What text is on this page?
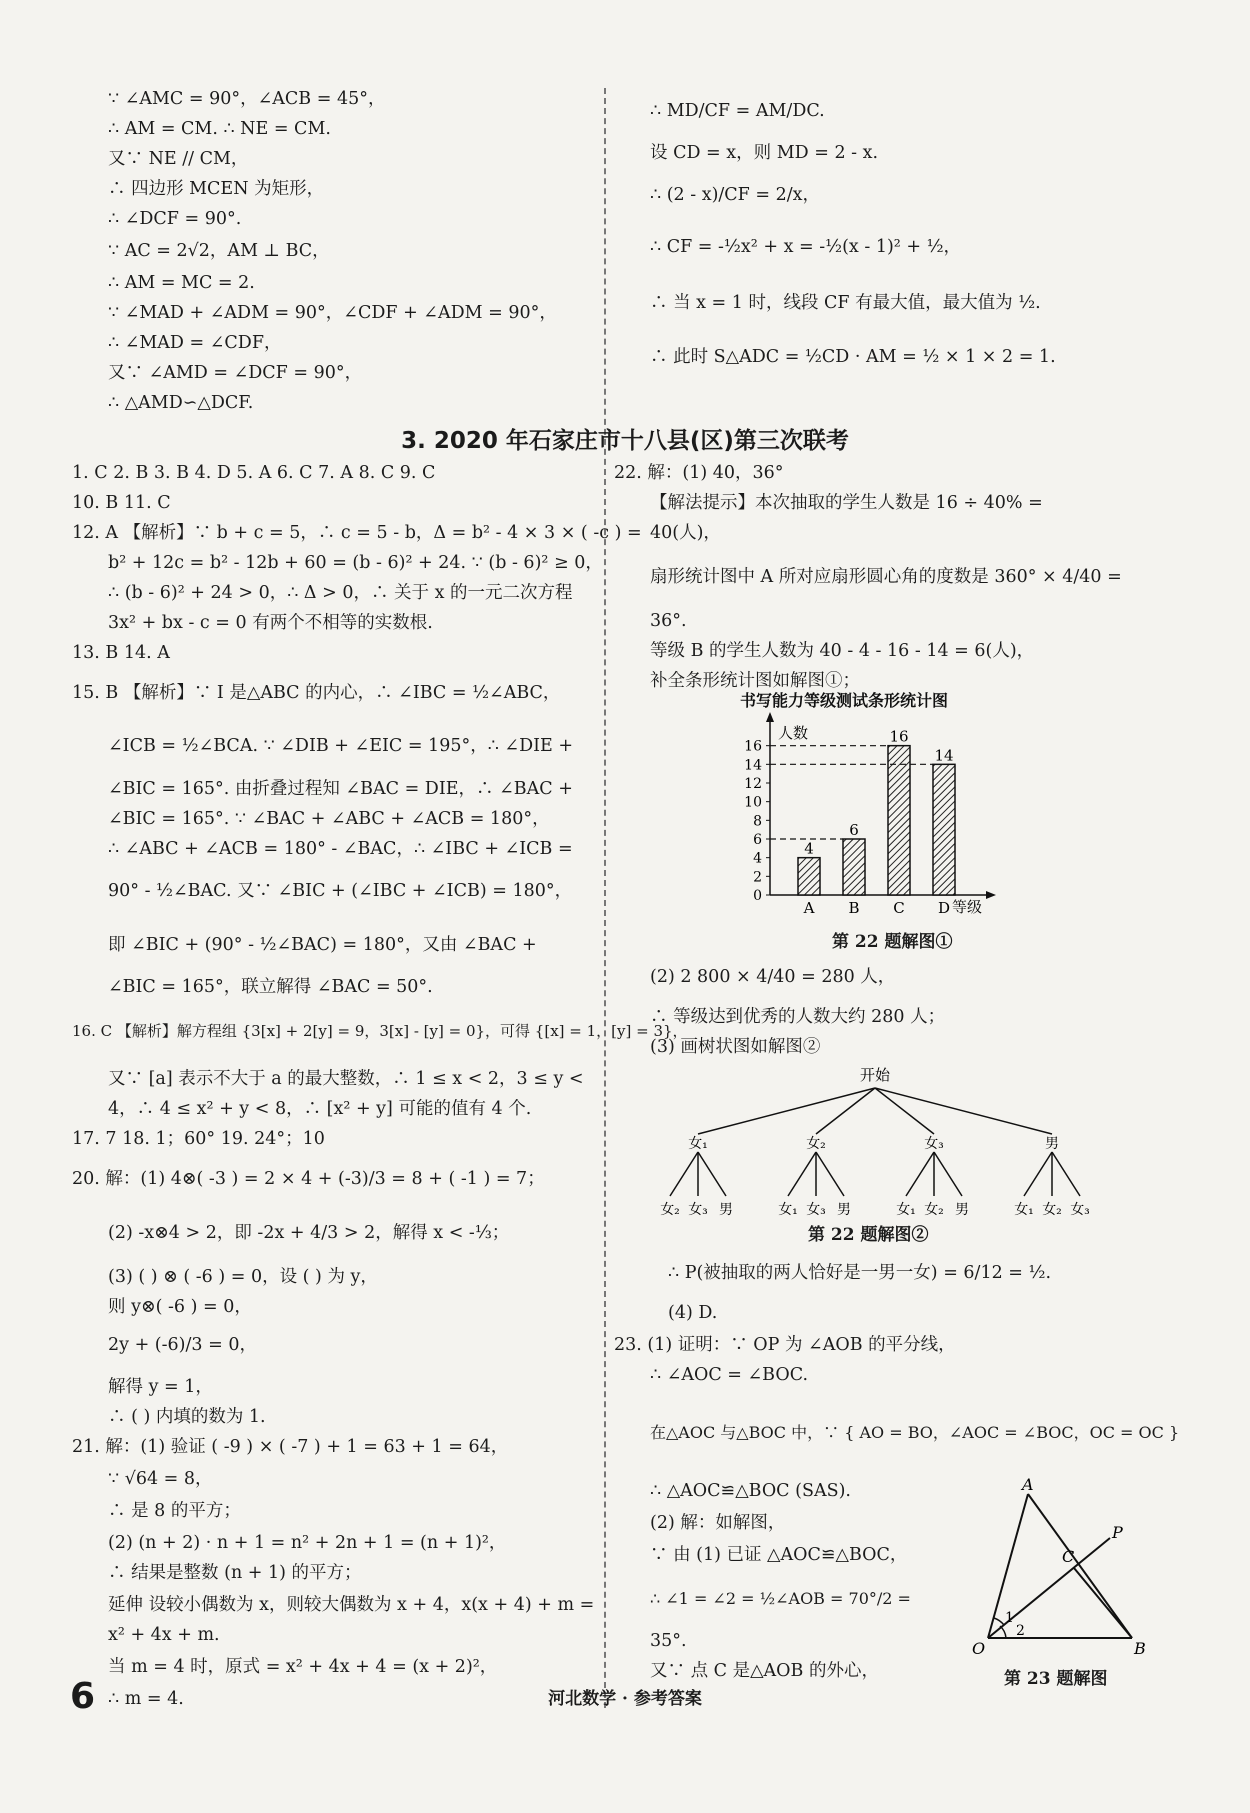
∵ ∠AMC = 90°，∠ACB = 45°，
∴ AM = CM. ∴ NE = CM.
又∵ NE // CM，
∴ 四边形 MCEN 为矩形，
∴ ∠DCF = 90°.
∵ AC = 2√2，AM ⊥ BC，
∴ AM = MC = 2.
∵ ∠MAD + ∠ADM = 90°，∠CDF + ∠ADM = 90°，
∴ ∠MAD = ∠CDF，
又∵ ∠AMD = ∠DCF = 90°，
∴ △AMD∽△DCF.
∴ MD/CF = AM/DC.
设 CD = x，则 MD = 2 - x.
∴ (2 - x)/CF = 2/x，
∴ CF = -½x² + x = -½(x - 1)² + ½，
∴ 当 x = 1 时，线段 CF 有最大值，最大值为 ½.
∴ 此时 S△ADC = ½CD · AM = ½ × 1 × 2 = 1.
3. 2020 年石家庄市十八县(区)第三次联考
1. C 2. B 3. B 4. D 5. A 6. C 7. A 8. C 9. C
10. B 11. C
12. A 【解析】∵ b + c = 5，∴ c = 5 - b，Δ = b² - 4 × 3 × ( -c ) =
b² + 12c = b² - 12b + 60 = (b - 6)² + 24. ∵ (b - 6)² ≥ 0，
∴ (b - 6)² + 24 > 0，∴ Δ > 0，∴ 关于 x 的一元二次方程
3x² + bx - c = 0 有两个不相等的实数根.
13. B 14. A
15. B 【解析】∵ I 是△ABC 的内心，∴ ∠IBC = ½∠ABC，
∠ICB = ½∠BCA. ∵ ∠DIB + ∠EIC = 195°，∴ ∠DIE +
∠BIC = 165°. 由折叠过程知 ∠BAC = DIE，∴ ∠BAC +
∠BIC = 165°. ∵ ∠BAC + ∠ABC + ∠ACB = 180°，
∴ ∠ABC + ∠ACB = 180° - ∠BAC，∴ ∠IBC + ∠ICB =
90° - ½∠BAC. 又∵ ∠BIC + (∠IBC + ∠ICB) = 180°，
即 ∠BIC + (90° - ½∠BAC) = 180°，又由 ∠BAC +
∠BIC = 165°，联立解得 ∠BAC = 50°.
16. C 【解析】解方程组 {3[x] + 2[y] = 9，3[x] - [y] = 0}，可得 {[x] = 1，[y] = 3}，
又∵ [a] 表示不大于 a 的最大整数，∴ 1 ≤ x < 2，3 ≤ y <
4，∴ 4 ≤ x² + y < 8，∴ [x² + y] 可能的值有 4 个.
17. 7 18. 1；60° 19. 24°；10
20. 解：(1) 4⊗( -3 ) = 2 × 4 + (-3)/3 = 8 + ( -1 ) = 7；
(2) -x⊗4 > 2，即 -2x + 4/3 > 2，解得 x < -⅓；
(3) ( ) ⊗ ( -6 ) = 0，设 ( ) 为 y，
则 y⊗( -6 ) = 0，
2y + (-6)/3 = 0，
解得 y = 1，
∴ ( ) 内填的数为 1.
21. 解：(1) 验证 ( -9 ) × ( -7 ) + 1 = 63 + 1 = 64，
∵ √64 = 8，
∴ 是 8 的平方；
(2) (n + 2) · n + 1 = n² + 2n + 1 = (n + 1)²，
∴ 结果是整数 (n + 1) 的平方；
延伸 设较小偶数为 x，则较大偶数为 x + 4，x(x + 4) + m =
x² + 4x + m.
当 m = 4 时，原式 = x² + 4x + 4 = (x + 2)²，
∴ m = 4.
22. 解：(1) 40，36°
【解法提示】本次抽取的学生人数是 16 ÷ 40% =
40(人)，
扇形统计图中 A 所对应扇形圆心角的度数是 360° × 4/40 =
36°.
等级 B 的学生人数为 40 - 4 - 16 - 14 = 6(人)，
补全条形统计图如解图①；
书写能力等级测试条形统计图
人数
等级
0
2
4
6
8
10
12
14
16
4
A
6
B
16
C
14
D
第 22 题解图①
(2) 2 800 × 4/40 = 280 人，
∴ 等级达到优秀的人数大约 280 人；
(3) 画树状图如解图②
开始
女₁
女₂ 女₃ 男
女₂
女₁ 女₃ 男
女₃
女₁ 女₂ 男
男
女₁ 女₂ 女₃
第 22 题解图②
∴ P(被抽取的两人恰好是一男一女) = 6/12 = ½.
(4) D.
23. (1) 证明：∵ OP 为 ∠AOB 的平分线，
∴ ∠AOC = ∠BOC.
在△AOC 与△BOC 中，∵ { AO = BO，∠AOC = ∠BOC，OC = OC }
∴ △AOC≌△BOC (SAS).
(2) 解：如解图，
∵ 由 (1) 已证 △AOC≌△BOC，
∴ ∠1 = ∠2 = ½∠AOB = 70°/2 =
35°.
又∵ 点 C 是△AOB 的外心，
A
P
C
1
2
O	B
第 23 题解图
6	河北数学 · 参考答案
